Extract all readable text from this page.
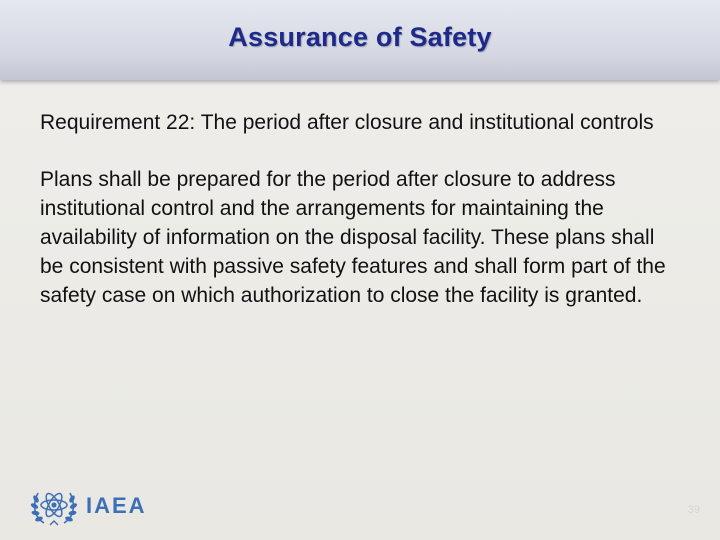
Assurance of Safety

Requirement 22: The period after closure and institutional controls

Plans shall be prepared for the period after closure to address institutional control and the arrangements for maintaining the availability of information on the disposal facility. These plans shall be consistent with passive safety features and shall form part of the safety case on which authorization to close the facility is granted.

IAEA	39
